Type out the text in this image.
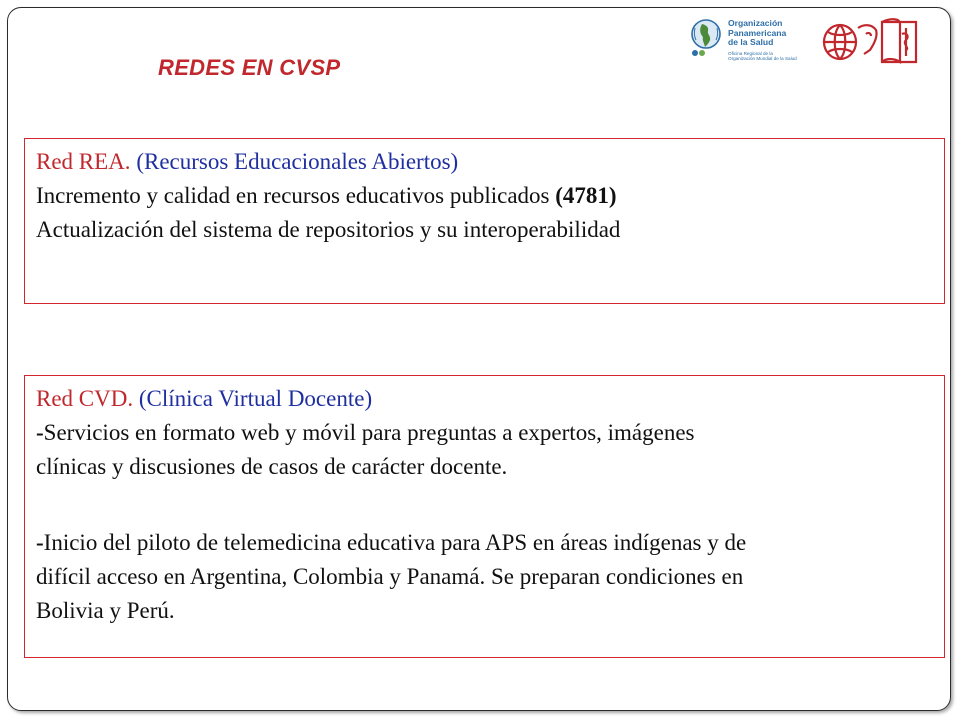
REDES EN CVSP
Organización
Panamericana
de la Salud
Oficina Regional de la
Organización Mundial de la Salud
Red REA. (Recursos Educacionales Abiertos)
Incremento y calidad en recursos educativos publicados (4781)
Actualización del sistema de repositorios y su interoperabilidad
Red CVD. (Clínica Virtual Docente)
-Servicios en formato web y móvil para preguntas a expertos, imágenes
clínicas y discusiones de casos de carácter docente.
-Inicio del piloto de telemedicina educativa para APS en áreas indígenas y de
difícil acceso en Argentina, Colombia y Panamá. Se preparan condiciones en
Bolivia y Perú.
